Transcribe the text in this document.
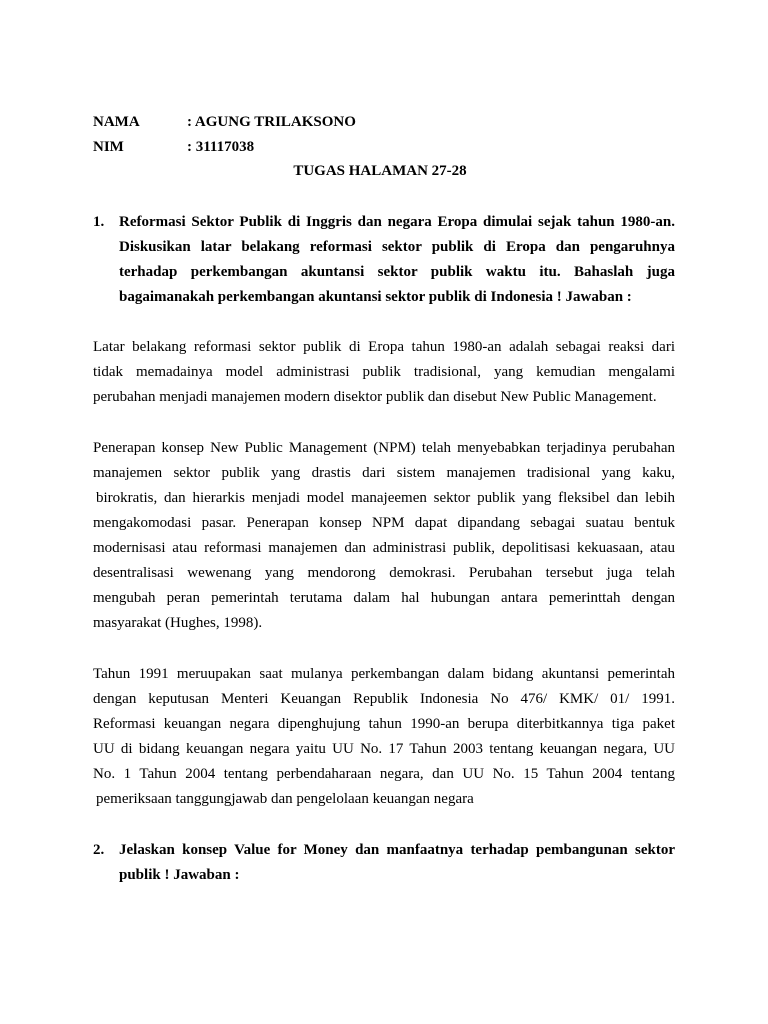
NAMA	: AGUNG TRILAKSONO
NIM	: 31117038
TUGAS HALAMAN 27-28
1. Reformasi Sektor Publik di Inggris dan negara Eropa dimulai sejak tahun 1980-an.
Diskusikan latar belakang reformasi sektor publik di Eropa dan pengaruhnya
terhadap perkembangan akuntansi sektor publik waktu itu. Bahaslah juga
bagaimanakah perkembangan akuntansi sektor publik di Indonesia ! Jawaban :
Latar belakang reformasi sektor publik di Eropa tahun 1980-an adalah sebagai reaksi dari
tidak memadainya model administrasi publik tradisional, yang kemudian mengalami
perubahan menjadi manajemen modern disektor publik dan disebut New Public Management.
Penerapan konsep New Public Management (NPM) telah menyebabkan terjadinya perubahan
manajemen sektor publik yang drastis dari sistem manajemen tradisional yang kaku,
birokratis, dan hierarkis menjadi model manajeemen sektor publik yang fleksibel dan lebih
mengakomodasi pasar. Penerapan konsep NPM dapat dipandang sebagai suatau bentuk
modernisasi atau reformasi manajemen dan administrasi publik, depolitisasi kekuasaan, atau
desentralisasi wewenang yang mendorong demokrasi. Perubahan tersebut juga telah
mengubah peran pemerintah terutama dalam hal hubungan antara pemerinttah dengan
masyarakat (Hughes, 1998).
Tahun 1991 meruupakan saat mulanya perkembangan dalam bidang akuntansi pemerintah
dengan keputusan Menteri Keuangan Republik Indonesia No 476/ KMK/ 01/ 1991.
Reformasi keuangan negara dipenghujung tahun 1990-an berupa diterbitkannya tiga paket
UU di bidang keuangan negara yaitu UU No. 17 Tahun 2003 tentang keuangan negara, UU
No. 1 Tahun 2004 tentang perbendaharaan negara, dan UU No. 15 Tahun 2004 tentang
pemeriksaan tanggungjawab dan pengelolaan keuangan negara
2. Jelaskan konsep Value for Money dan manfaatnya terhadap pembangunan sektor
publik ! Jawaban :
